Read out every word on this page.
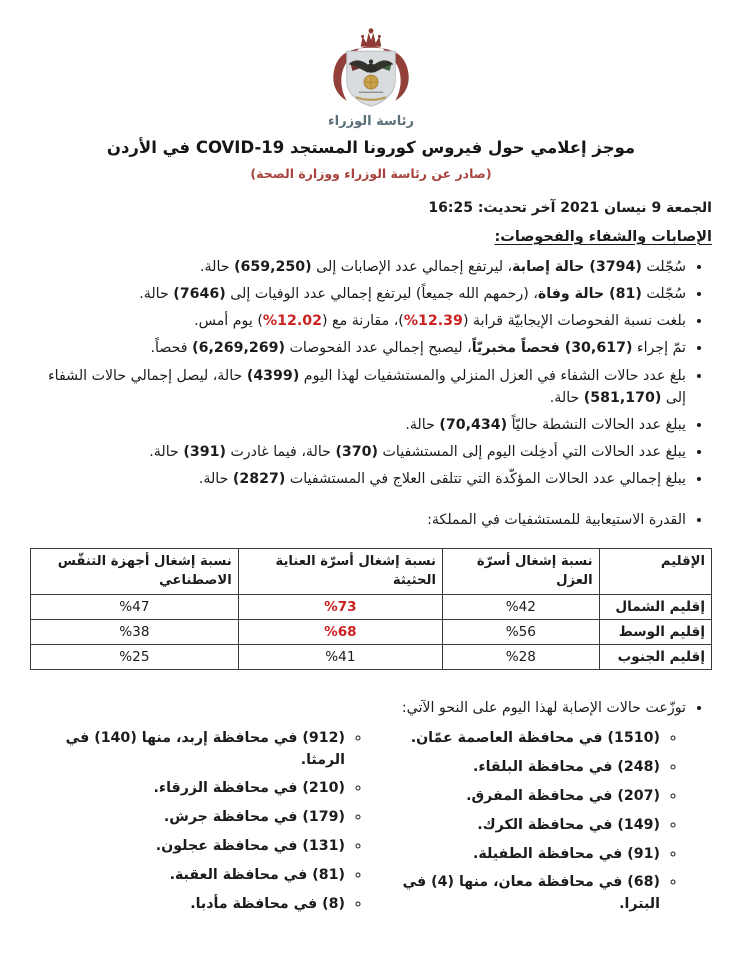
رئاسة الوزراء
موجز إعلامي حول فيروس كورونا المستجد COVID-19 في الأردن
(صادر عن رئاسة الوزراء ووزارة الصحة)
الجمعة 9 نيسان 2021 آخر تحديث: 16:25
الإصابات والشفاء والفحوصات:
• سُجّلت (3794) حالة إصابة، ليرتفع إجمالي عدد الإصابات إلى (659,250) حالة.
• سُجّلت (81) حالة وفاة، (رحمهم الله جميعاً) ليرتفع إجمالي عدد الوفيات إلى (7646) حالة.
• بلغت نسبة الفحوصات الإيجابيّة قرابة (12.39%)، مقارنة مع (12.02%) يوم أمس.
• تمّ إجراء (30,617) فحصاً مخبريّاً، ليصبح إجمالي عدد الفحوصات (6,269,269) فحصاً.
• بلغ عدد حالات الشفاء في العزل المنزلي والمستشفيات لهذا اليوم (4399) حالة، ليصل إجمالي حالات الشفاء إلى (581,170) حالة.
• يبلغ عدد الحالات النشطة حاليّاً (70,434) حالة.
• يبلغ عدد الحالات التي أدخِلت اليوم إلى المستشفيات (370) حالة، فيما غادرت (391) حالة.
• يبلغ إجمالي عدد الحالات المؤكّدة التي تتلقى العلاج في المستشفيات (2827) حالة.
• القدرة الاستيعابية للمستشفيات في المملكة:
الإقليم	نسبة إشغال أسرّة العزل	نسبة إشغال أسرّة العناية الحثيثة	نسبة إشغال أجهزة التنفّس الاصطناعي
إقليم الشمال	%42	%73	%47
إقليم الوسط	%56	%68	%38
إقليم الجنوب	%28	%41	%25
• توزّعت حالات الإصابة لهذا اليوم على النحو الآتي:
◦ (1510) في محافظة العاصمة عمّان.
◦ (248) في محافظة البلقاء.
◦ (207) في محافظة المفرق.
◦ (149) في محافظة الكرك.
◦ (91) في محافظة الطفيلة.
◦ (68) في محافظة معان، منها (4) في البترا.
◦ (912) في محافظة إربد، منها (140) في الرمثا.
◦ (210) في محافظة الزرقاء.
◦ (179) في محافظة جرش.
◦ (131) في محافظة عجلون.
◦ (81) في محافظة العقبة.
◦ (8) في محافظة مأدبا.
